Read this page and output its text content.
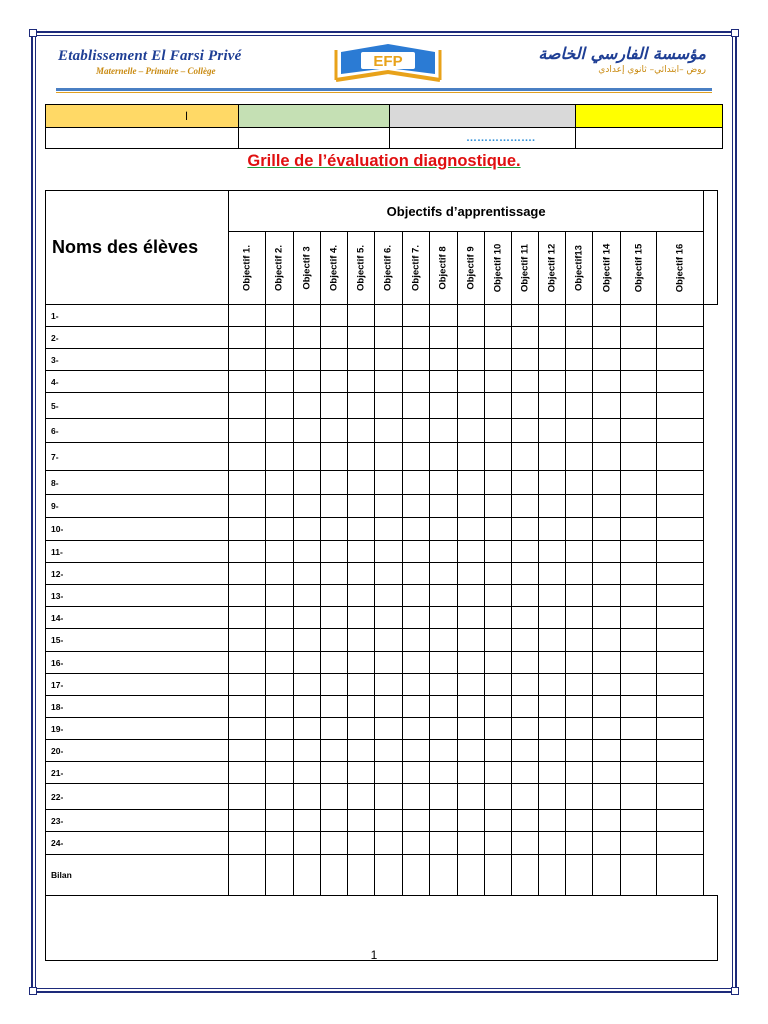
Etablissement El Farsi Privé
Maternelle – Primaire – Collège
EFP	مؤسسة الفارسي الخاصة
روض –ابتدائي– ثانوي إعدادي
ا			
		……………….	
Grille de l’évaluation diagnostique.
Noms des élèves	Objectifs d’apprentissage																

	Objectif 1.	Objectif 2.	Objectif 3	Objectif 4.	Objectif 5.	Objectif 6.	Objectif 7.	Objectif 8	Objectif 9	Objectif 10	Objectif 11	Objectif 12	Objectif13	Objectif 14	Objectif 15	Objectif 16	

1-																	
2-																	
3-																	
4-																	
5-																	
6-																	
7-																	
8-																	
9-																	
10-																	
11-																	
12-																	
13-																	
14-																	
15-																	
16-																	
17-																	
18-																	
19-																	
20-																	
21-																	
22-																	
23-																	
24-																	
Bilan																	

1
